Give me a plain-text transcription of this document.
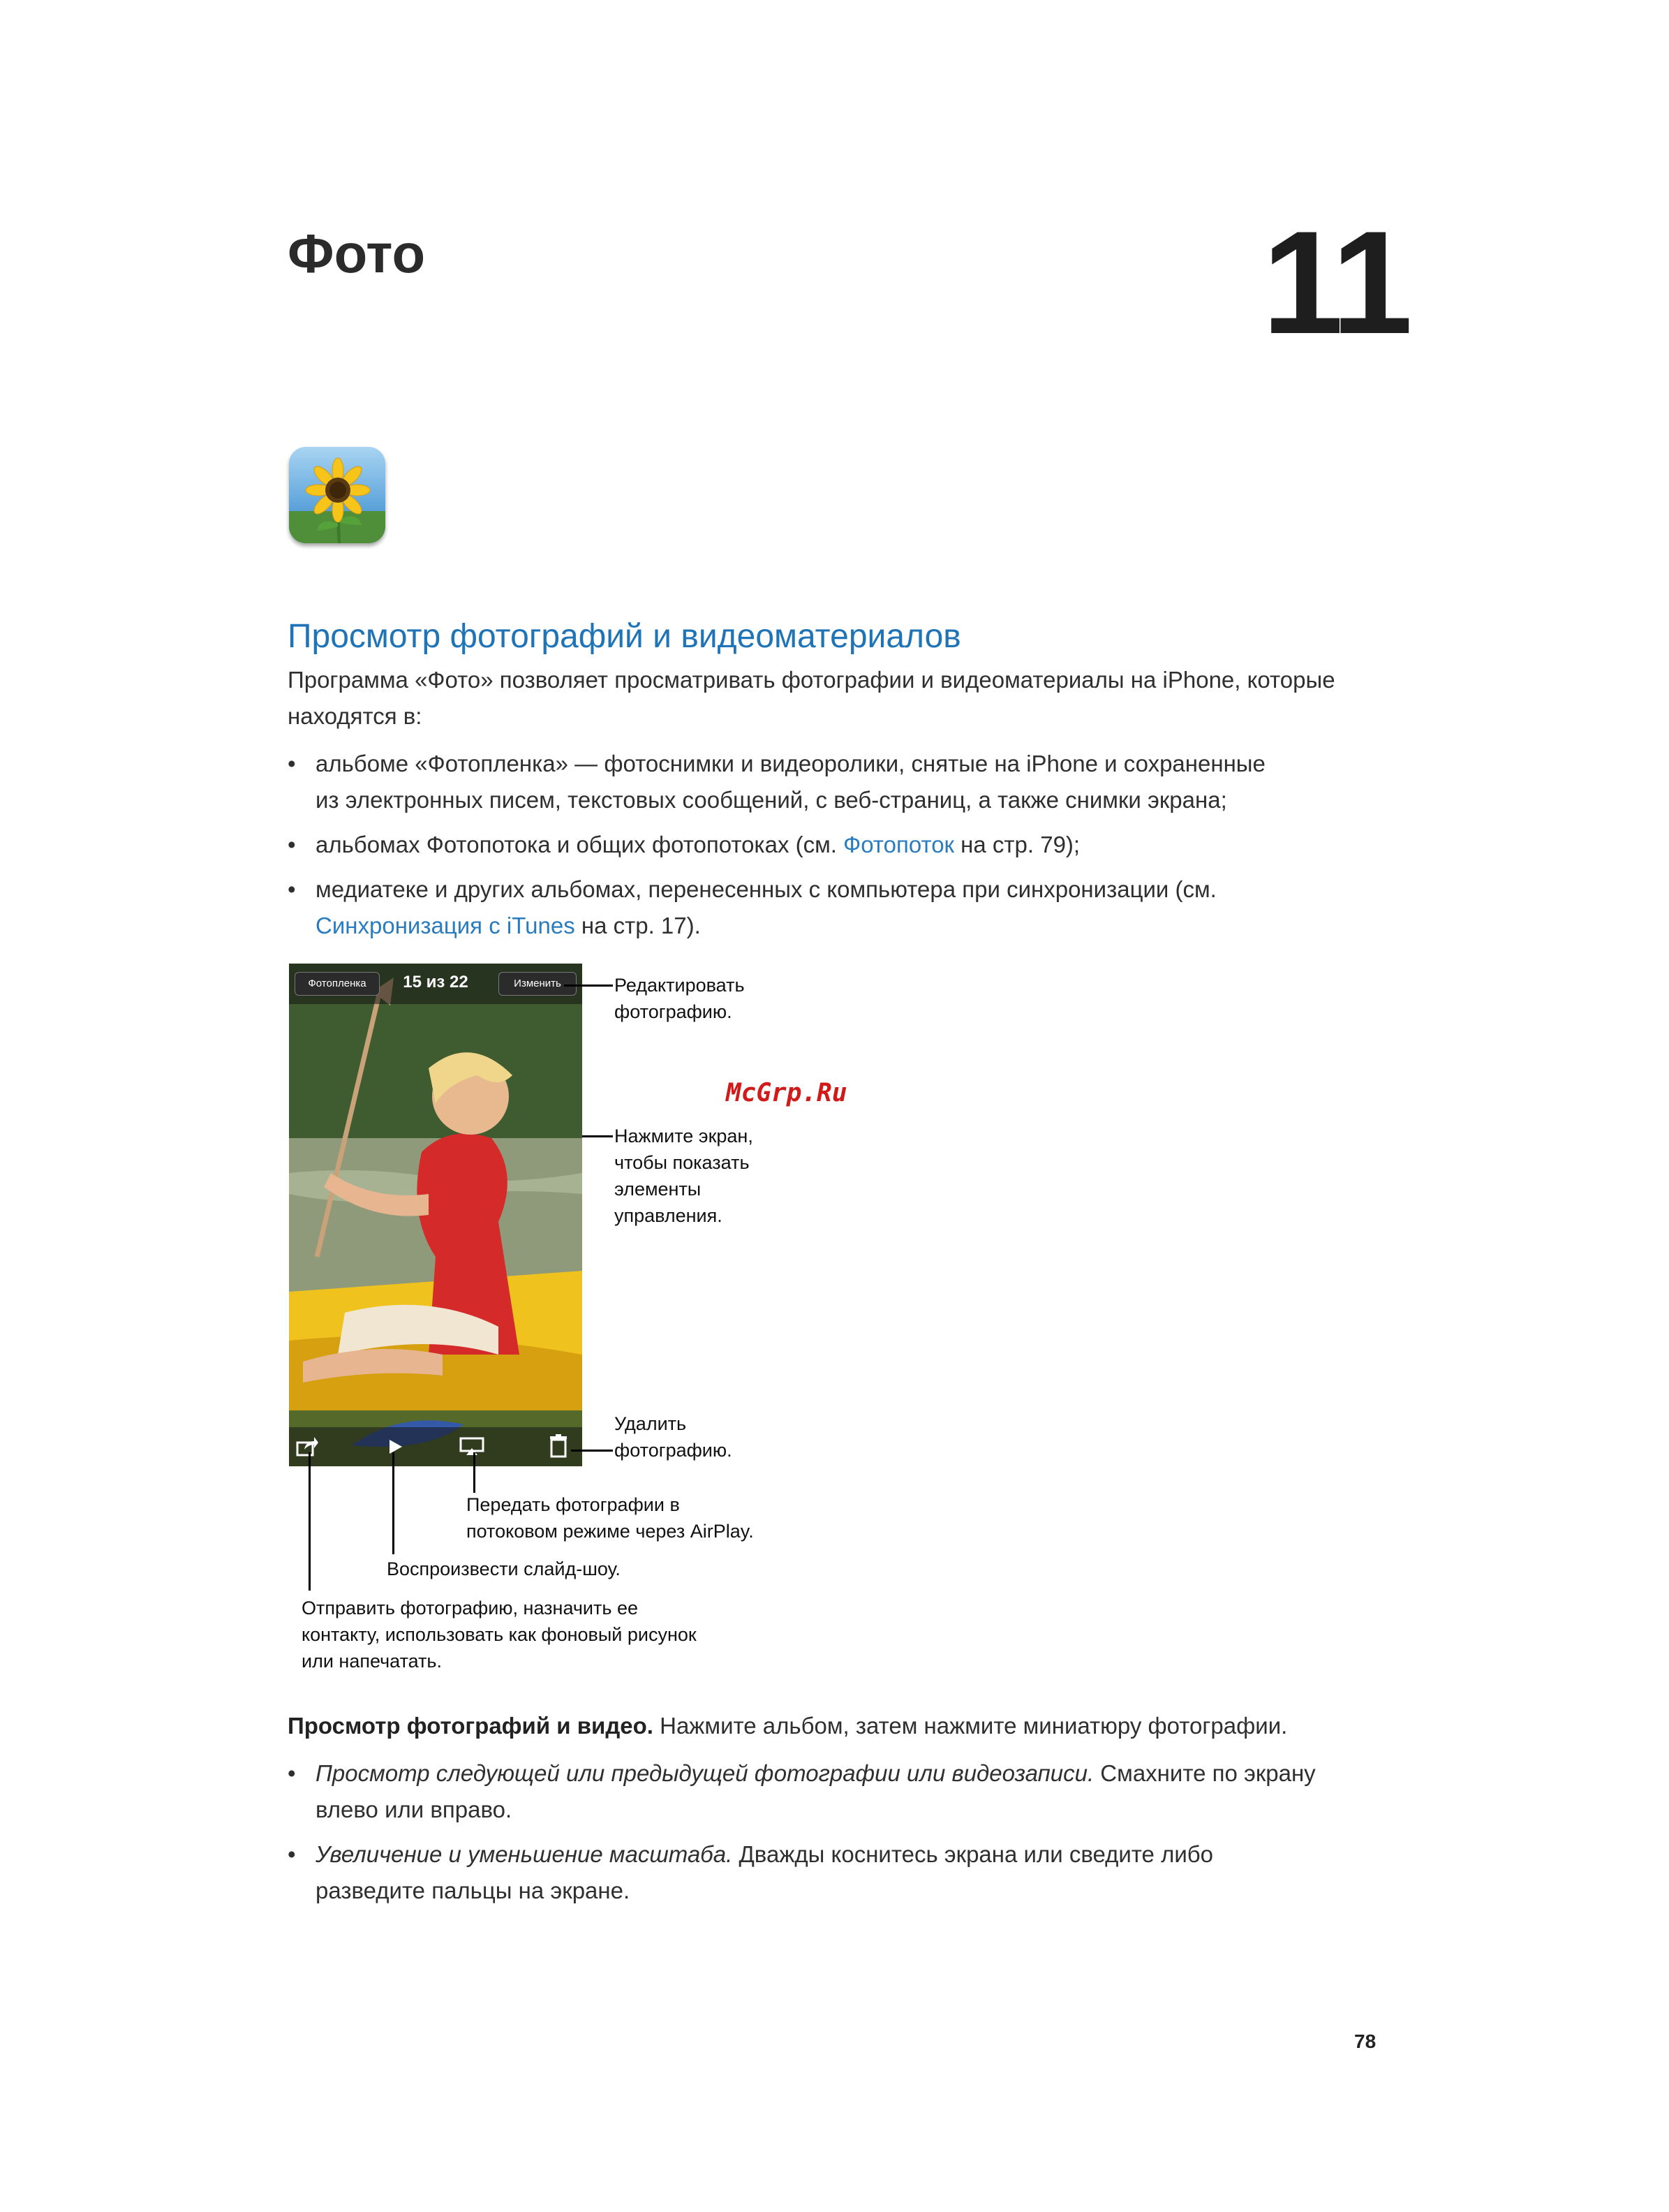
Фото	11
Просмотр фотографий и видеоматериалов
Программа «Фото» позволяет просматривать фотографии и видеоматериалы на iPhone, которые находятся в:
• альбоме «Фотопленка» — фотоснимки и видеоролики, снятые на iPhone и сохраненные
из электронных писем, текстовых сообщений, с веб-страниц, а также снимки экрана;
• альбомах Фотопотока и общих фотопотоках (см. Фотопоток на стр. 79);
• медиатеке и других альбомах, перенесенных с компьютера при синхронизации (см.
Синхронизация с iTunes на стр. 17).
Фотопленка	15 из 22	Изменить	Редактировать
фотографию.
Нажмите экран,
чтобы показать
элементы
управления.
Удалить
фотографию.
Передать фотографии в
потоковом режиме через AirPlay.
Воспроизвести слайд-шоу.
Отправить фотографию, назначить ее
контакту, использовать как фоновый рисунок
или напечатать.
McGrp.Ru
Просмотр фотографий и видео. Нажмите альбом, затем нажмите миниатюру фотографии.
• Просмотр следующей или предыдущей фотографии или видеозаписи. Смахните по экрану
влево или вправо.
• Увеличение и уменьшение масштаба. Дважды коснитесь экрана или сведите либо
разведите пальцы на экране.
78
